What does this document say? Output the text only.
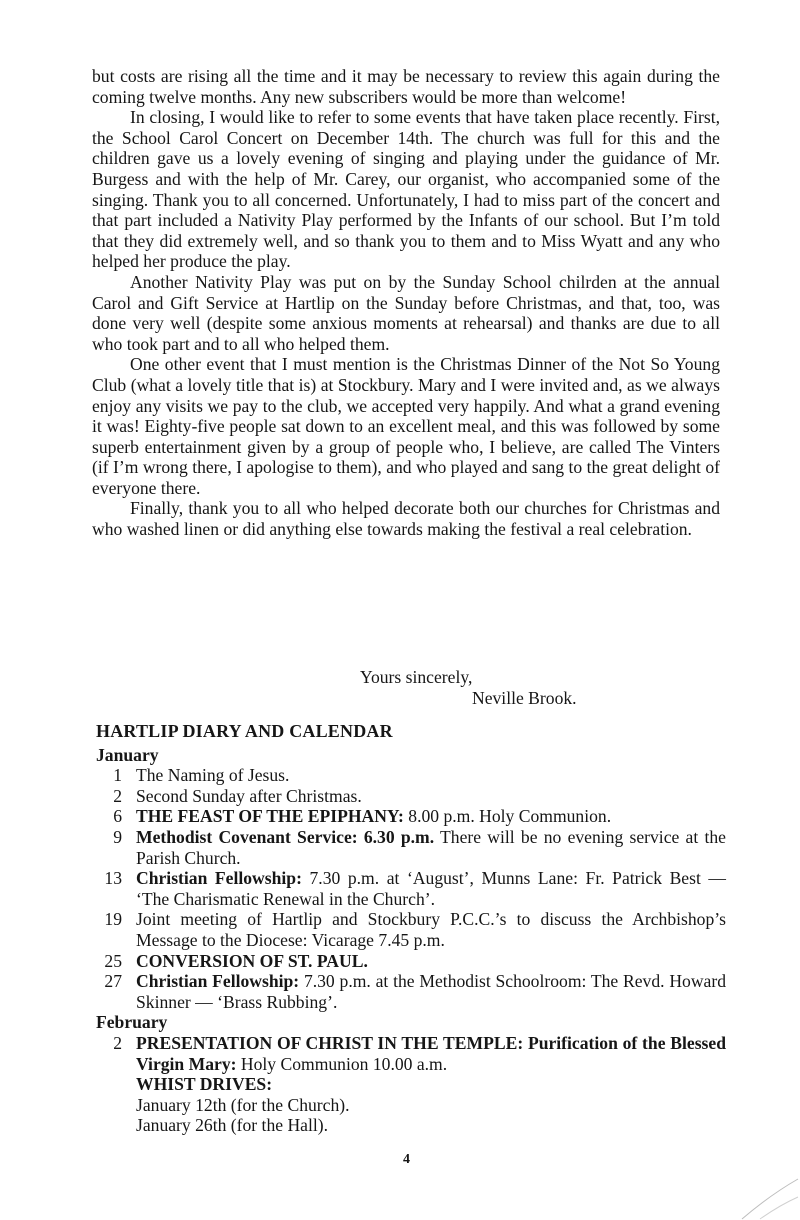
but costs are rising all the time and it may be necessary to review this again during the coming twelve months. Any new subscribers would be more than welcome!

In closing, I would like to refer to some events that have taken place recently. First, the School Carol Concert on December 14th. The church was full for this and the children gave us a lovely evening of singing and playing under the guidance of Mr. Burgess and with the help of Mr. Carey, our organist, who accompanied some of the singing. Thank you to all concerned. Unfortunately, I had to miss part of the concert and that part included a Nativity Play performed by the Infants of our school. But I’m told that they did extremely well, and so thank you to them and to Miss Wyatt and any who helped her produce the play.

Another Nativity Play was put on by the Sunday School chilrden at the annual Carol and Gift Service at Hartlip on the Sunday before Christmas, and that, too, was done very well (despite some anxious moments at rehearsal) and thanks are due to all who took part and to all who helped them.

One other event that I must mention is the Christmas Dinner of the Not So Young Club (what a lovely title that is) at Stockbury. Mary and I were invited and, as we always enjoy any visits we pay to the club, we accepted very happily. And what a grand evening it was! Eighty-five people sat down to an excellent meal, and this was followed by some superb entertainment given by a group of people who, I believe, are called The Vinters (if I’m wrong there, I apologise to them), and who played and sang to the great delight of everyone there.

Finally, thank you to all who helped decorate both our churches for Christmas and who washed linen or did anything else towards making the festival a real celebration.

Yours sincerely,
Neville Brook.
HARTLIP DIARY AND CALENDAR
January
1 The Naming of Jesus.
2 Second Sunday after Christmas.
6 THE FEAST OF THE EPIPHANY: 8.00 p.m. Holy Communion.
9 Methodist Covenant Service: 6.30 p.m. There will be no evening service at the Parish Church.
13 Christian Fellowship: 7.30 p.m. at ‘August’, Munns Lane: Fr. Patrick Best — ‘The Charismatic Renewal in the Church’.
19 Joint meeting of Hartlip and Stockbury P.C.C.’s to discuss the Archbishop’s Message to the Diocese: Vicarage 7.45 p.m.
25 CONVERSION OF ST. PAUL.
27 Christian Fellowship: 7.30 p.m. at the Methodist Schoolroom: The Revd. Howard Skinner — ‘Brass Rubbing’.
February
2 PRESENTATION OF CHRIST IN THE TEMPLE: Purification of the Blessed Virgin Mary: Holy Communion 10.00 a.m.
WHIST DRIVES:
January 12th (for the Church).
January 26th (for the Hall).
4
